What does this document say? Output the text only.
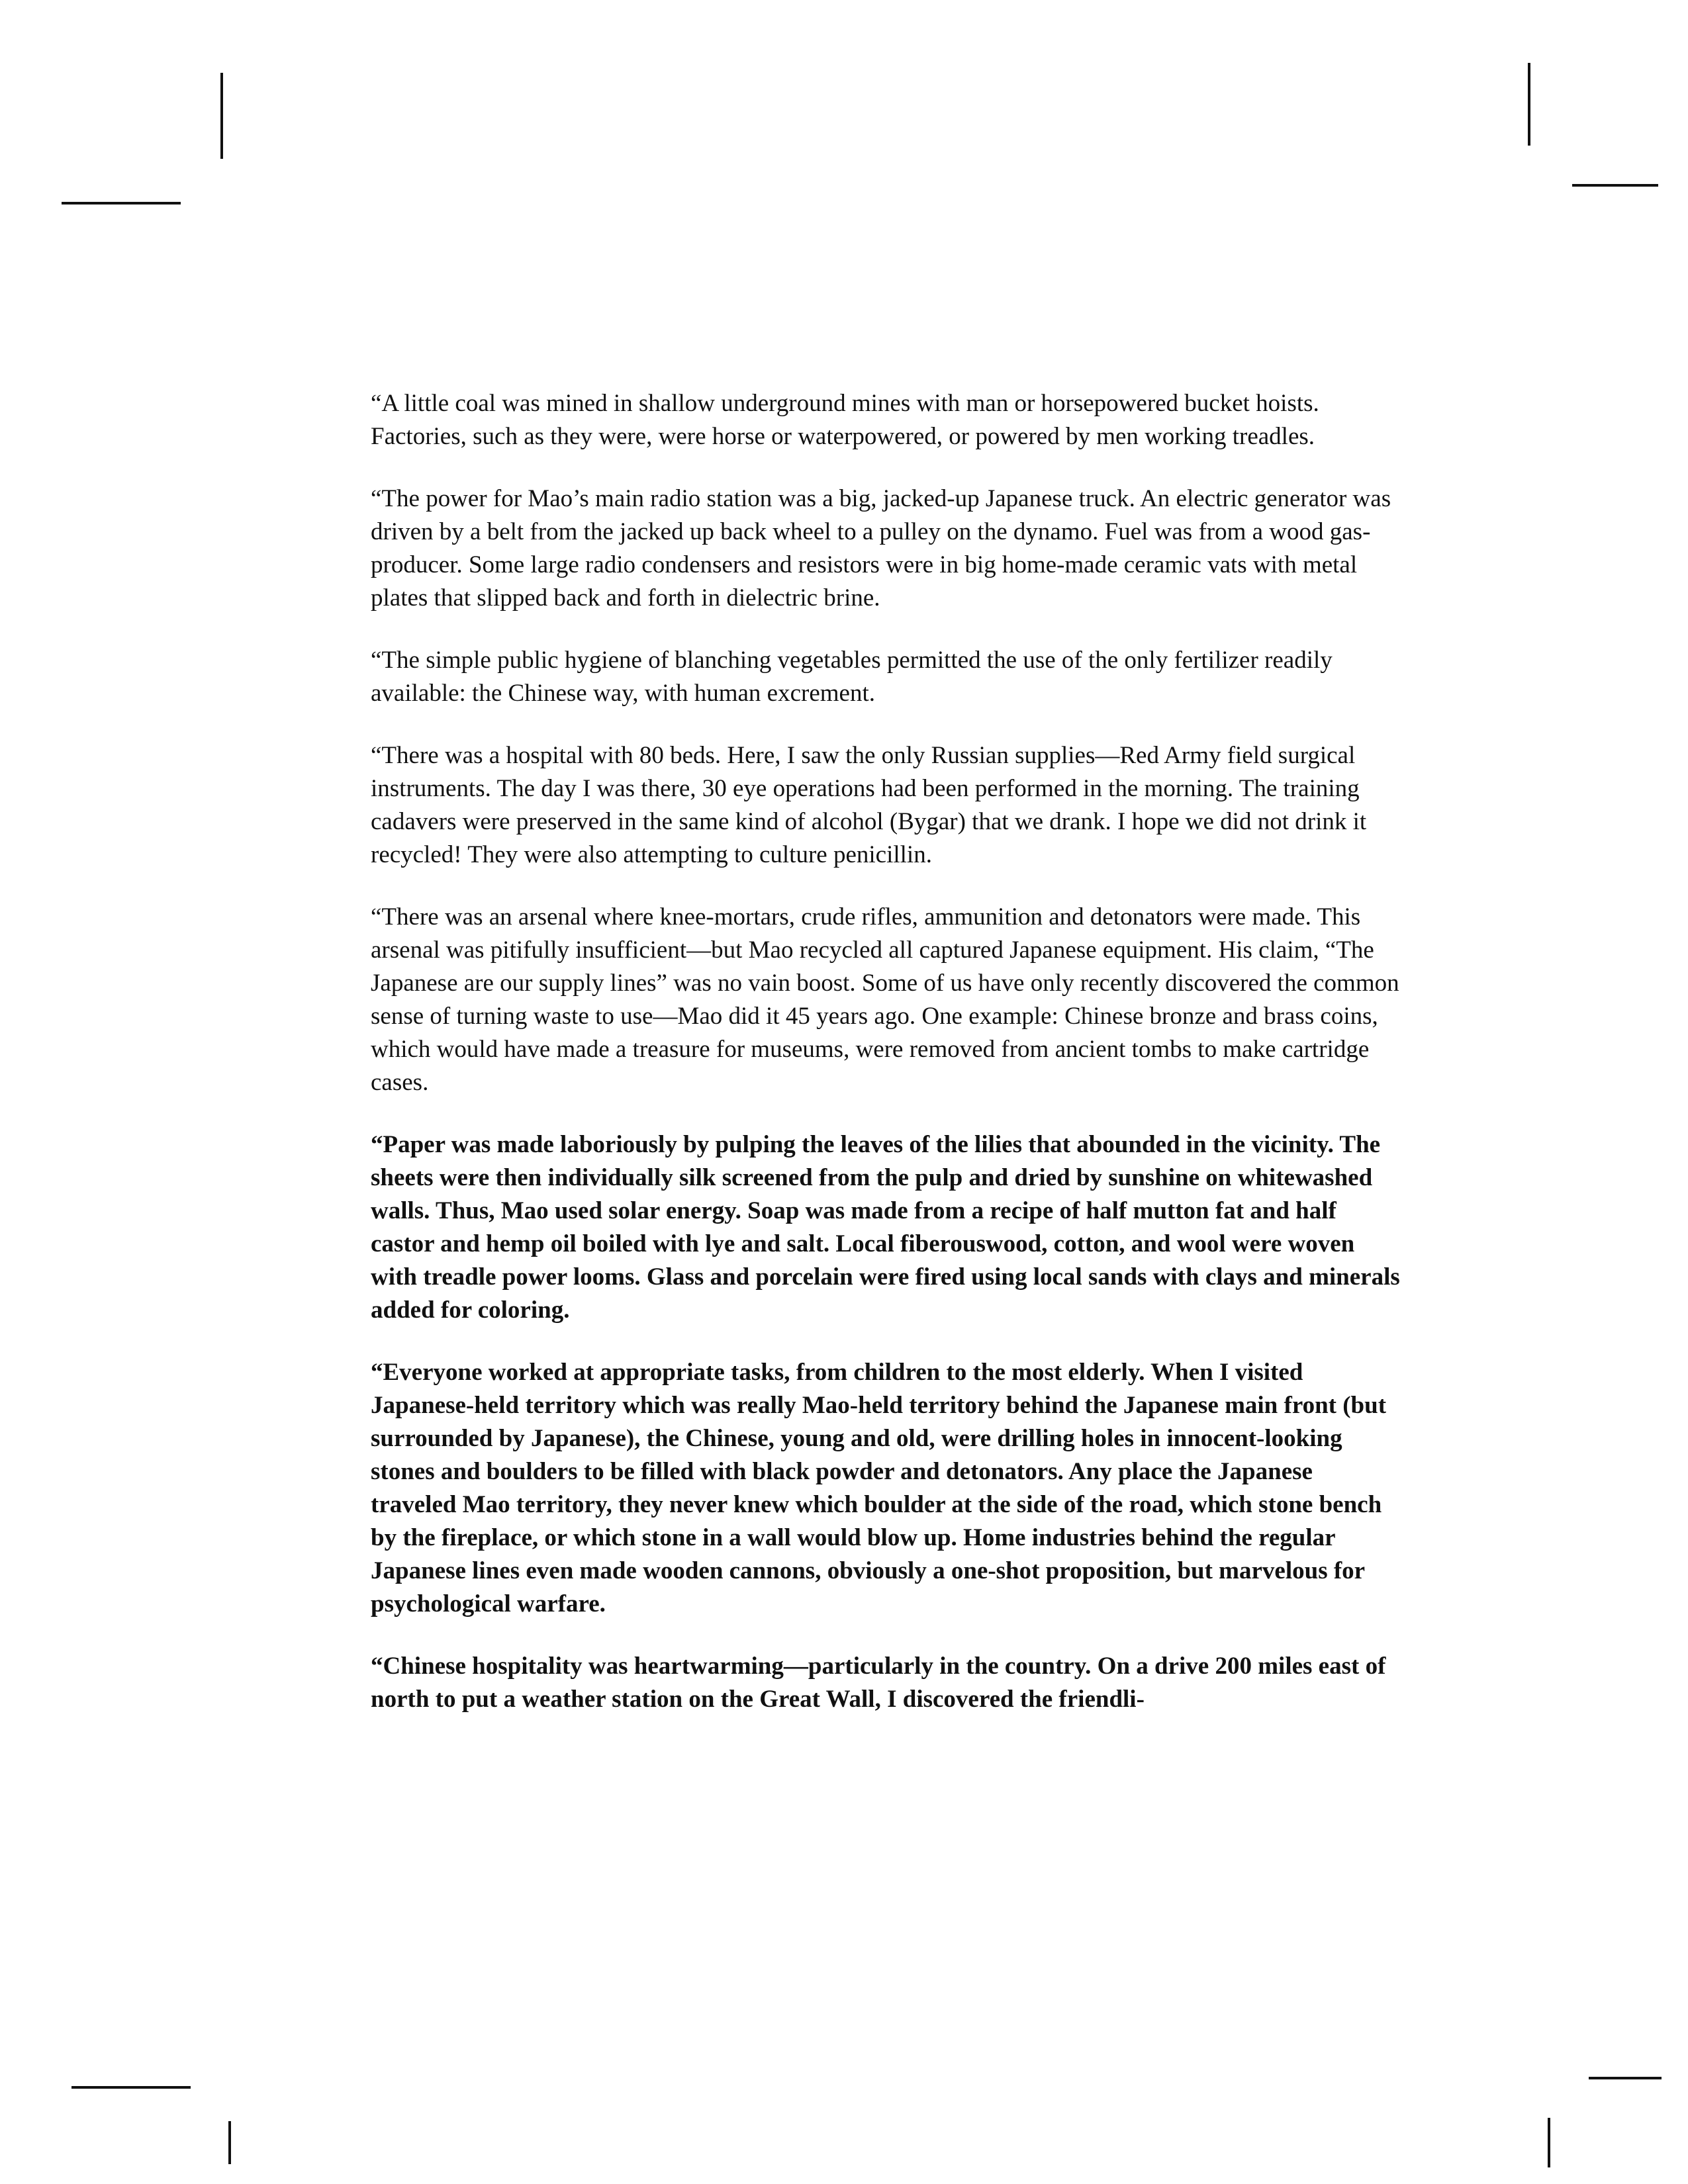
“A little coal was mined in shallow underground mines with man or horsepowered bucket hoists. Factories, such as they were, were horse or waterpowered, or powered by men working treadles.

“The power for Mao’s main radio station was a big, jacked-up Japanese truck. An electric generator was driven by a belt from the jacked up back wheel to a pulley on the dynamo. Fuel was from a wood gas-producer. Some large radio condensers and resistors were in big home-made ceramic vats with metal plates that slipped back and forth in dielectric brine.

“The simple public hygiene of blanching vegetables permitted the use of the only fertilizer readily available: the Chinese way, with human excrement.

“There was a hospital with 80 beds. Here, I saw the only Russian supplies—Red Army field surgical instruments. The day I was there, 30 eye operations had been performed in the morning. The training cadavers were preserved in the same kind of alcohol (Bygar) that we drank. I hope we did not drink it recycled! They were also attempting to culture penicillin.

“There was an arsenal where knee-mortars, crude rifles, ammunition and detonators were made. This arsenal was pitifully insufficient—but Mao recycled all captured Japanese equipment. His claim, “The Japanese are our supply lines” was no vain boost. Some of us have only recently discovered the common sense of turning waste to use—Mao did it 45 years ago. One example: Chinese bronze and brass coins, which would have made a treasure for museums, were removed from ancient tombs to make cartridge cases.

“Paper was made laboriously by pulping the leaves of the lilies that abounded in the vicinity. The sheets were then individually silk screened from the pulp and dried by sunshine on whitewashed walls. Thus, Mao used solar energy. Soap was made from a recipe of half mutton fat and half castor and hemp oil boiled with lye and salt. Local fiberouswood, cotton, and wool were woven with treadle power looms. Glass and porcelain were fired using local sands with clays and minerals added for coloring.

“Everyone worked at appropriate tasks, from children to the most elderly. When I visited Japanese-held territory which was really Mao-held territory behind the Japanese main front (but surrounded by Japanese), the Chinese, young and old, were drilling holes in innocent-looking stones and boulders to be filled with black powder and detonators. Any place the Japanese traveled Mao territory, they never knew which boulder at the side of the road, which stone bench by the fireplace, or which stone in a wall would blow up. Home industries behind the regular Japanese lines even made wooden cannons, obviously a one-shot proposition, but marvelous for psychological warfare.

“Chinese hospitality was heartwarming—particularly in the country. On a drive 200 miles east of north to put a weather station on the Great Wall, I discovered the friendli-
